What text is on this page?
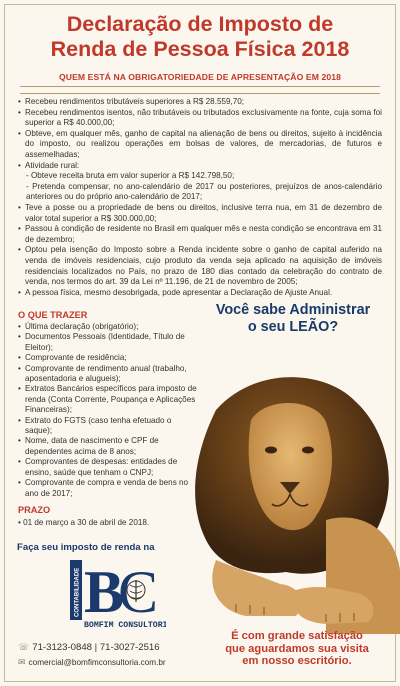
Declaração de Imposto de
Renda de Pessoa Física 2018
QUEM ESTÁ NA OBRIGATORIEDADE DE APRESENTAÇÃO EM 2018
• Recebeu rendimentos tributáveis superiores a R$ 28.559,70;
• Recebeu rendimentos isentos, não tributáveis ou tributados exclusivamente na fonte, cuja soma foi superior a R$ 40.000,00;
• Obteve, em qualquer mês, ganho de capital na alienação de bens ou direitos, sujeito à incidência do imposto, ou realizou operações em bolsas de valores, de mercadorias, de futuros e assemelhadas;
• Atividade rural:
- Obteve receita bruta em valor superior a R$ 142.798,50;
- Pretenda compensar, no ano-calendário de 2017 ou posteriores, prejuízos de anos-calendário anteriores ou do próprio ano-calendário de 2017;
• Teve a posse ou a propriedade de bens ou direitos, inclusive terra nua, em 31 de dezembro de valor total superior a R$ 300.000,00;
• Passou à condição de residente no Brasil em qualquer mês e nesta condição se encontrava em 31 de dezembro;
• Optou pela isenção do Imposto sobre a Renda incidente sobre o ganho de capital auferido na venda de imóveis residenciais, cujo produto da venda seja aplicado na aquisição de imóveis residenciais localizados no País, no prazo de 180 dias contado da celebração do contrato de venda, nos termos do art. 39 da Lei nº 11.196, de 21 de novembro de 2005;
• A pessoa física, mesmo desobrigada, pode apresentar a Declaração de Ajuste Anual.
O QUE TRAZER
• Última declaração (obrigatório);
• Documentos Pessoais (Identidade, Título de Eleitor);
• Comprovante de residência;
• Comprovante de rendimento anual (trabalho, aposentadoria e alugueis);
• Extratos Bancários específicos para imposto de renda (Conta Corrente, Poupança e Aplicações Financeiras);
• Extrato do FGTS (caso tenha efetuado o saque);
• Nome, data de nascimento e CPF de dependentes acima de 8 anos;
• Comprovantes de despesas: entidades de ensino, saúde que tenham o CNPJ;
• Comprovante de compra e venda de bens no ano de 2017;
PRAZO
• 01 de março a 30 de abril de 2018.
Faça seu imposto de renda na
CONTABILIDADE B
C
BOMFIM CONSULTORIA
☏ 71-3123-0848 | 71-3027-2516
✉ comercial@bomfimconsultoria.com.br
Você sabe Administrar
o seu LEÃO?
É com grande satisfação
que aguardamos sua visita
em nosso escritório.
